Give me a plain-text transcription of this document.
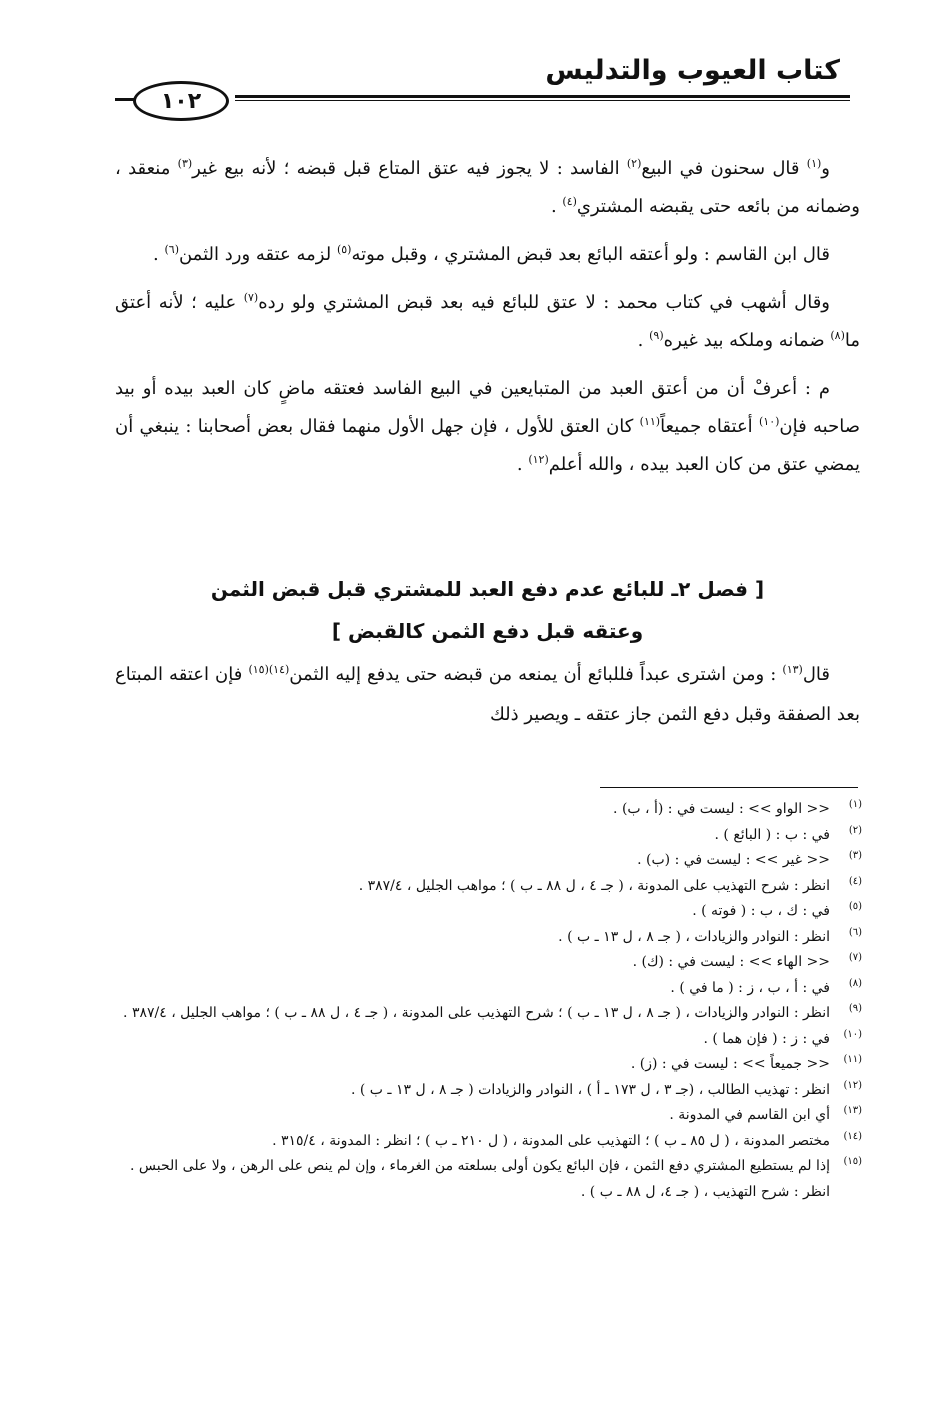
كتاب العيوب والتدليس
١٠٢

و$^{(١)}$ قال سحنون في البيع$^{(٢)}$ الفاسد : لا يجوز فيه عتق المتاع قبل قبضه ؛ لأنه بيع غير$^{(٣)}$ منعقد ، وضمانه من بائعه حتى يقبضه المشتري$^{(٤)}$ .

قال ابن القاسم : ولو أعتقه البائع بعد قبض المشتري ، وقبل موته$^{(٥)}$ لزمه عتقه ورد الثمن$^{(٦)}$ .

وقال أشهب في كتاب محمد : لا عتق للبائع فيه بعد قبض المشتري ولو رده$^{(٧)}$ عليه ؛ لأنه أعتق ما$^{(٨)}$ ضمانه وملكه بيد غيره$^{(٩)}$ .

م : أعرفْ أن من أعتق العبد من المتبايعين في البيع الفاسد فعتقه ماضٍ كان العبد بيده أو بيد صاحبه فإن$^{(١٠)}$ أعتقاه جميعاً$^{(١١)}$ كان العتق للأول ، فإن جهل الأول منهما فقال بعض أصحابنا : ينبغي أن يمضي عتق من كان العبد بيده ، والله أعلم$^{(١٢)}$ .

[ فصل ٢ـ للبائع عدم دفع العبد للمشتري قبل قبض الثمن
وعتقه قبل دفع الثمن كالقبض ]

قال$^{(١٣)}$ : ومن اشترى عبداً فللبائع أن يمنعه من قبضه حتى يدفع إليه الثمن$^{(١٤)(١٥)}$ فإن اعتقه المبتاع بعد الصفقة وقبل دفع الثمن جاز عتقه ـ ويصير ذلك

(١)
<< الواو >> : ليست في : (أ ، ب) .
(٢)
في : ب : ( البائع ) .
(٣)
<< غير >> : ليست في : (ب) .
(٤)
انظر : شرح التهذيب على المدونة ، ( جـ ٤ ، ل ٨٨ ـ ب ) ؛ مواهب الجليل ، ٣٨٧/٤ .
(٥)
في : ك ، ب : ( فوته ) .
(٦)
انظر : النوادر والزيادات ، ( جـ ٨ ، ل ١٣ ـ ب ) .
(٧)
<< الهاء >> : ليست في : (ك) .
(٨)
في : أ ، ب ، ز : ( ما في ) .
(٩)
انظر : النوادر والزيادات ، ( جـ ٨ ، ل ١٣ ـ ب ) ؛ شرح التهذيب على المدونة ، ( جـ ٤ ، ل ٨٨ ـ ب ) ؛ مواهب الجليل ، ٣٨٧/٤ .
(١٠)
في : ز : ( فإن هما ) .
(١١)
<< جميعاً >> : ليست في : (ز) .
(١٢)
انظر : تهذيب الطالب ، (جـ ٣ ، ل ١٧٣ ـ أ ) ، النوادر والزيادات ( جـ ٨ ، ل ١٣ ـ ب ) .
(١٣)
أي ابن القاسم في المدونة .
(١٤)
مختصر المدونة ، ( ل ٨٥ ـ ب ) ؛ التهذيب على المدونة ، ( ل ٢١٠ ـ ب ) ؛ انظر : المدونة ، ٣١٥/٤ .
(١٥)
إذا لم يستطيع المشتري دفع الثمن ، فإن البائع يكون أولى بسلعته من الغرماء ، وإن لم ينص على الرهن ، ولا على الحبس . انظر : شرح التهذيب ، ( جـ ٤، ل ٨٨ ـ ب ) .
